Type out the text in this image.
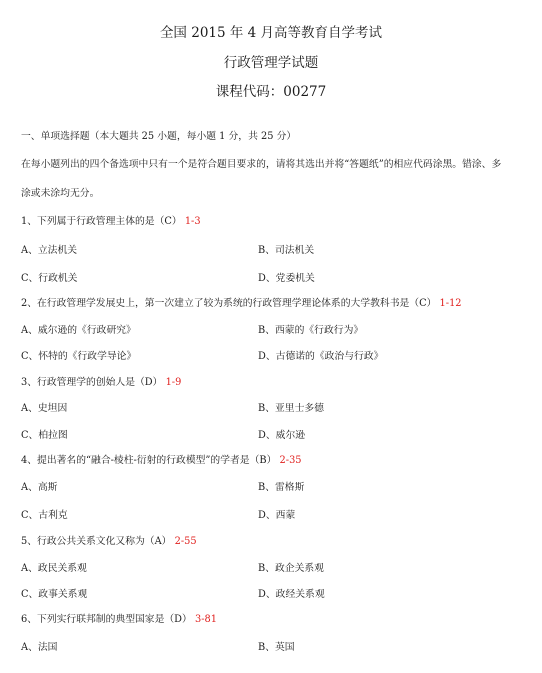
全国 2015 年 4 月高等教育自学考试
行政管理学试题
课程代码：00277
一、单项选择题（本大题共 25 小题，每小题 1 分，共 25 分）
在每小题列出的四个备选项中只有一个是符合题目要求的，请将其选出并将“答题纸”的相应代码涂黑。错涂、多
涂或未涂均无分。
1、下列属于行政管理主体的是（C） 1-3
A、立法机关	B、司法机关
C、行政机关	D、党委机关
2、在行政管理学发展史上，第一次建立了较为系统的行政管理学理论体系的大学教科书是（C） 1-12
A、威尔逊的《行政研究》	B、西蒙的《行政行为》
C、怀特的《行政学导论》	D、古德诺的《政治与行政》
3、行政管理学的创始人是（D） 1-9
A、史坦因	B、亚里士多德
C、柏拉图	D、威尔逊
4、提出著名的“融合-棱柱-衍射的行政模型”的学者是（B） 2-35
A、高斯	B、雷格斯
C、古利克	D、西蒙
5、行政公共关系文化又称为（A） 2-55
A、政民关系观	B、政企关系观
C、政事关系观	D、政经关系观
6、下列实行联邦制的典型国家是（D） 3-81
A、法国	B、英国
